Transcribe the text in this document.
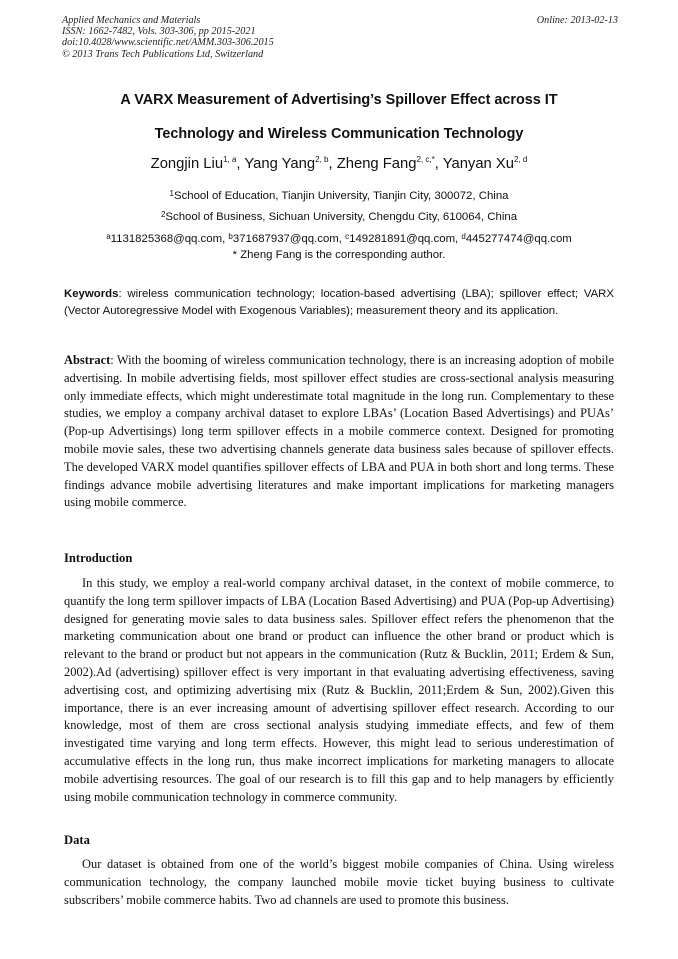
Applied Mechanics and Materials
ISSN: 1662-7482, Vols. 303-306, pp 2015-2021
doi:10.4028/www.scientific.net/AMM.303-306.2015
© 2013 Trans Tech Publications Ltd, Switzerland
Online: 2013-02-13
A VARX Measurement of Advertising’s Spillover Effect across IT
Technology and Wireless Communication Technology
Zongjin Liu$^{1, a}$, Yang Yang$^{2, b}$, Zheng Fang$^{2, c,*}$, Yanyan Xu$^{2, d}$
$^1$School of Education, Tianjin University, Tianjin City, 300072, China
$^2$School of Business, Sichuan University, Chengdu City, 610064, China
$^a$1131825368@qq.com, $^b$371687937@qq.com, $^c$149281891@qq.com, $^d$445277474@qq.com
* Zheng Fang is the corresponding author.
Keywords: wireless communication technology; location-based advertising (LBA); spillover effect; VARX (Vector Autoregressive Model with Exogenous Variables); measurement theory and its application.
Abstract: With the booming of wireless communication technology, there is an increasing adoption of mobile advertising. In mobile advertising fields, most spillover effect studies are cross-sectional analysis measuring only immediate effects, which might underestimate total magnitude in the long run. Complementary to these studies, we employ a company archival dataset to explore LBAs’ (Location Based Advertisings) and PUAs’ (Pop-up Advertisings) long term spillover effects in a mobile commerce context. Designed for promoting mobile movie sales, these two advertising channels generate data business sales because of spillover effects. The developed VARX model quantifies spillover effects of LBA and PUA in both short and long terms. These findings advance mobile advertising literatures and make important implications for marketing managers using mobile commerce.
Introduction
In this study, we employ a real-world company archival dataset, in the context of mobile commerce, to quantify the long term spillover impacts of LBA (Location Based Advertising) and PUA (Pop-up Advertising) designed for generating movie sales to data business sales. Spillover effect refers the phenomenon that the marketing communication about one brand or product can influence the other brand or product which is relevant to the brand or product but not appears in the communication (Rutz & Bucklin, 2011; Erdem & Sun, 2002).Ad (advertising) spillover effect is very important in that evaluating advertising effectiveness, saving advertising cost, and optimizing advertising mix (Rutz & Bucklin, 2011;Erdem & Sun, 2002).Given this importance, there is an ever increasing amount of advertising spillover effect research. According to our knowledge, most of them are cross sectional analysis studying immediate effects, and few of them investigated time varying and long term effects. However, this might lead to serious underestimation of accumulative effects in the long run, thus make incorrect implications for marketing managers to allocate mobile advertising resources. The goal of our research is to fill this gap and to help managers by efficiently using mobile communication technology in commerce community.
Data
Our dataset is obtained from one of the world’s biggest mobile companies of China. Using wireless communication technology, the company launched mobile movie ticket buying business to cultivate subscribers’ mobile commerce habits. Two ad channels are used to promote this business.
